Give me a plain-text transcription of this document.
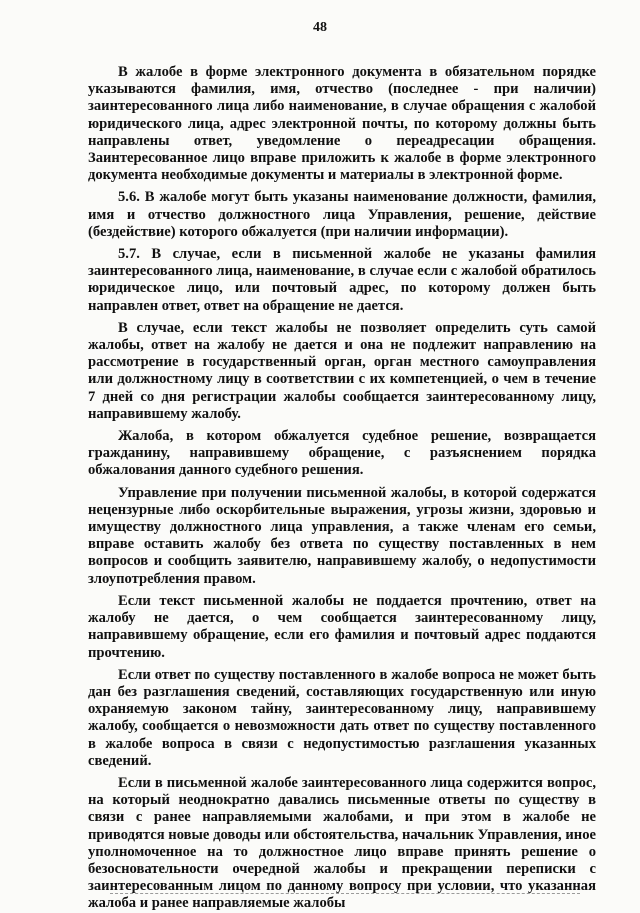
48

В жалобе в форме электронного документа в обязательном порядке указываются фамилия, имя, отчество (последнее - при наличии) заинтересованного лица либо наименование, в случае обращения с жалобой юридического лица, адрес электронной почты, по которому должны быть направлены ответ, уведомление о переадресации обращения. Заинтересованное лицо вправе приложить к жалобе в форме электронного документа необходимые документы и материалы в электронной форме.

5.6. В жалобе могут быть указаны наименование должности, фамилия, имя и отчество должностного лица Управления, решение, действие (бездействие) которого обжалуется (при наличии информации).

5.7. В случае, если в письменной жалобе не указаны фамилия заинтересованного лица, наименование, в случае если с жалобой обратилось юридическое лицо, или почтовый адрес, по которому должен быть направлен ответ, ответ на обращение не дается.

В случае, если текст жалобы не позволяет определить суть самой жалобы, ответ на жалобу не дается и она не подлежит направлению на рассмотрение в государственный орган, орган местного самоуправления или должностному лицу в соответствии с их компетенцией, о чем в течение 7 дней со дня регистрации жалобы сообщается заинтересованному лицу, направившему жалобу.

Жалоба, в котором обжалуется судебное решение, возвращается гражданину, направившему обращение, с разъяснением порядка обжалования данного судебного решения.

Управление при получении письменной жалобы, в которой содержатся нецензурные либо оскорбительные выражения, угрозы жизни, здоровью и имуществу должностного лица управления, а также членам его семьи, вправе оставить жалобу без ответа по существу поставленных в нем вопросов и сообщить заявителю, направившему жалобу, о недопустимости злоупотребления правом.

Если текст письменной жалобы не поддается прочтению, ответ на жалобу не дается, о чем сообщается заинтересованному лицу, направившему обращение, если его фамилия и почтовый адрес поддаются прочтению.

Если ответ по существу поставленного в жалобе вопроса не может быть дан без разглашения сведений, составляющих государственную или иную охраняемую законом тайну, заинтересованному лицу, направившему жалобу, сообщается о невозможности дать ответ по существу поставленного в жалобе вопроса в связи с недопустимостью разглашения указанных сведений.

Если в письменной жалобе заинтересованного лица содержится вопрос, на который неоднократно давались письменные ответы по существу в связи с ранее направляемыми жалобами, и при этом в жалобе не приводятся новые доводы или обстоятельства, начальник Управления, иное уполномоченное на то должностное лицо вправе принять решение о безосновательности очередной жалобы и прекращении переписки с заинтересованным лицом по данному вопросу при условии, что указанная жалоба и ранее направляемые жалобы
